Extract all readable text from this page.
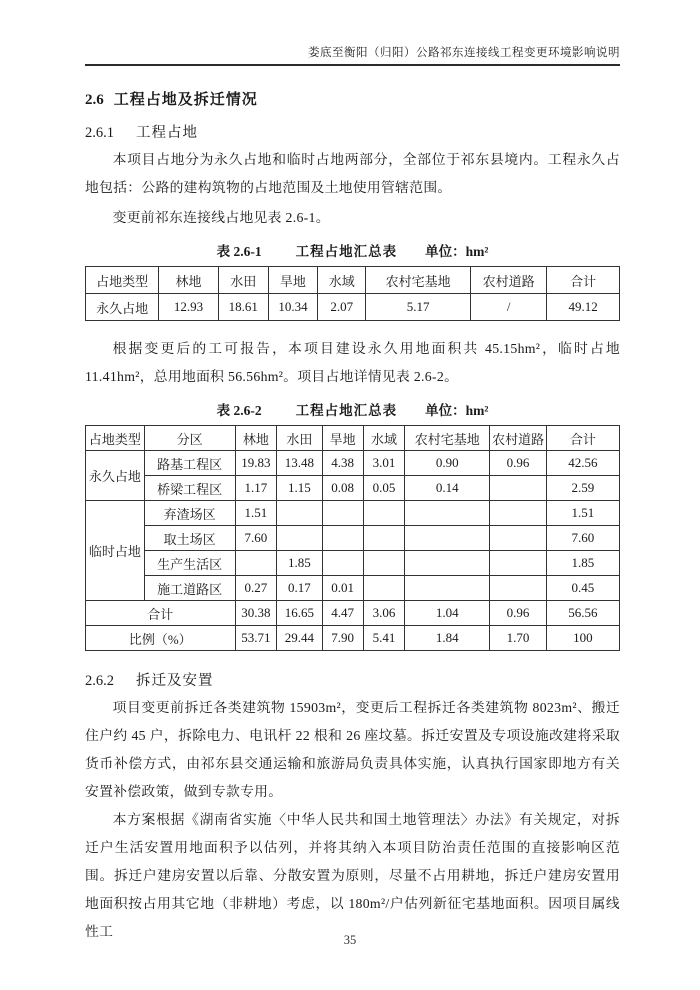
娄底至衡阳（归阳）公路祁东连接线工程变更环境影响说明
2.6 工程占地及拆迁情况
2.6.1 工程占地

本项目占地分为永久占地和临时占地两部分，全部位于祁东县境内。工程永久占地包括：公路的建构筑物的占地范围及土地使用管辖范围。

变更前祁东连接线占地见表 2.6-1。

表 2.6-1	工程占地汇总表 单位：hm²
占地类型	林地	水田	旱地	水域	农村宅基地	农村道路	合计
永久占地	12.93	18.61	10.34	2.07	5.17	/	49.12

根据变更后的工可报告，本项目建设永久用地面积共 45.15hm²，临时占地 11.41hm²，总用地面积 56.56hm²。项目占地详情见表 2.6-2。

表 2.6-2	工程占地汇总表 单位：hm²
占地类型	分区	林地	水田	旱地	水域	农村宅基地	农村道路	合计
永久占地	路基工程区	19.83	13.48	4.38	3.01	0.90	0.96	42.56
	桥梁工程区	1.17	1.15	0.08	0.05	0.14		2.59
临时占地	弃渣场区	1.51						1.51
	取土场区	7.60						7.60
	生产生活区		1.85					1.85
	施工道路区	0.27	0.17	0.01				0.45
合计		30.38	16.65	4.47	3.06	1.04	0.96	56.56
比例（%）		53.71	29.44	7.90	5.41	1.84	1.70	100
2.6.2 拆迁及安置

项目变更前拆迁各类建筑物 15903m²，变更后工程拆迁各类建筑物 8023m²、搬迁住户约 45 户，拆除电力、电讯杆 22 根和 26 座坟墓。拆迁安置及专项设施改建将采取货币补偿方式，由祁东县交通运输和旅游局负责具体实施，认真执行国家即地方有关安置补偿政策，做到专款专用。

本方案根据《湖南省实施〈中华人民共和国土地管理法〉办法》有关规定，对拆迁户生活安置用地面积予以估列，并将其纳入本项目防治责任范围的直接影响区范围。拆迁户建房安置以后靠、分散安置为原则，尽量不占用耕地，拆迁户建房安置用地面积按占用其它地（非耕地）考虑，以 180m²/户估列新征宅基地面积。因项目属线性工

35
